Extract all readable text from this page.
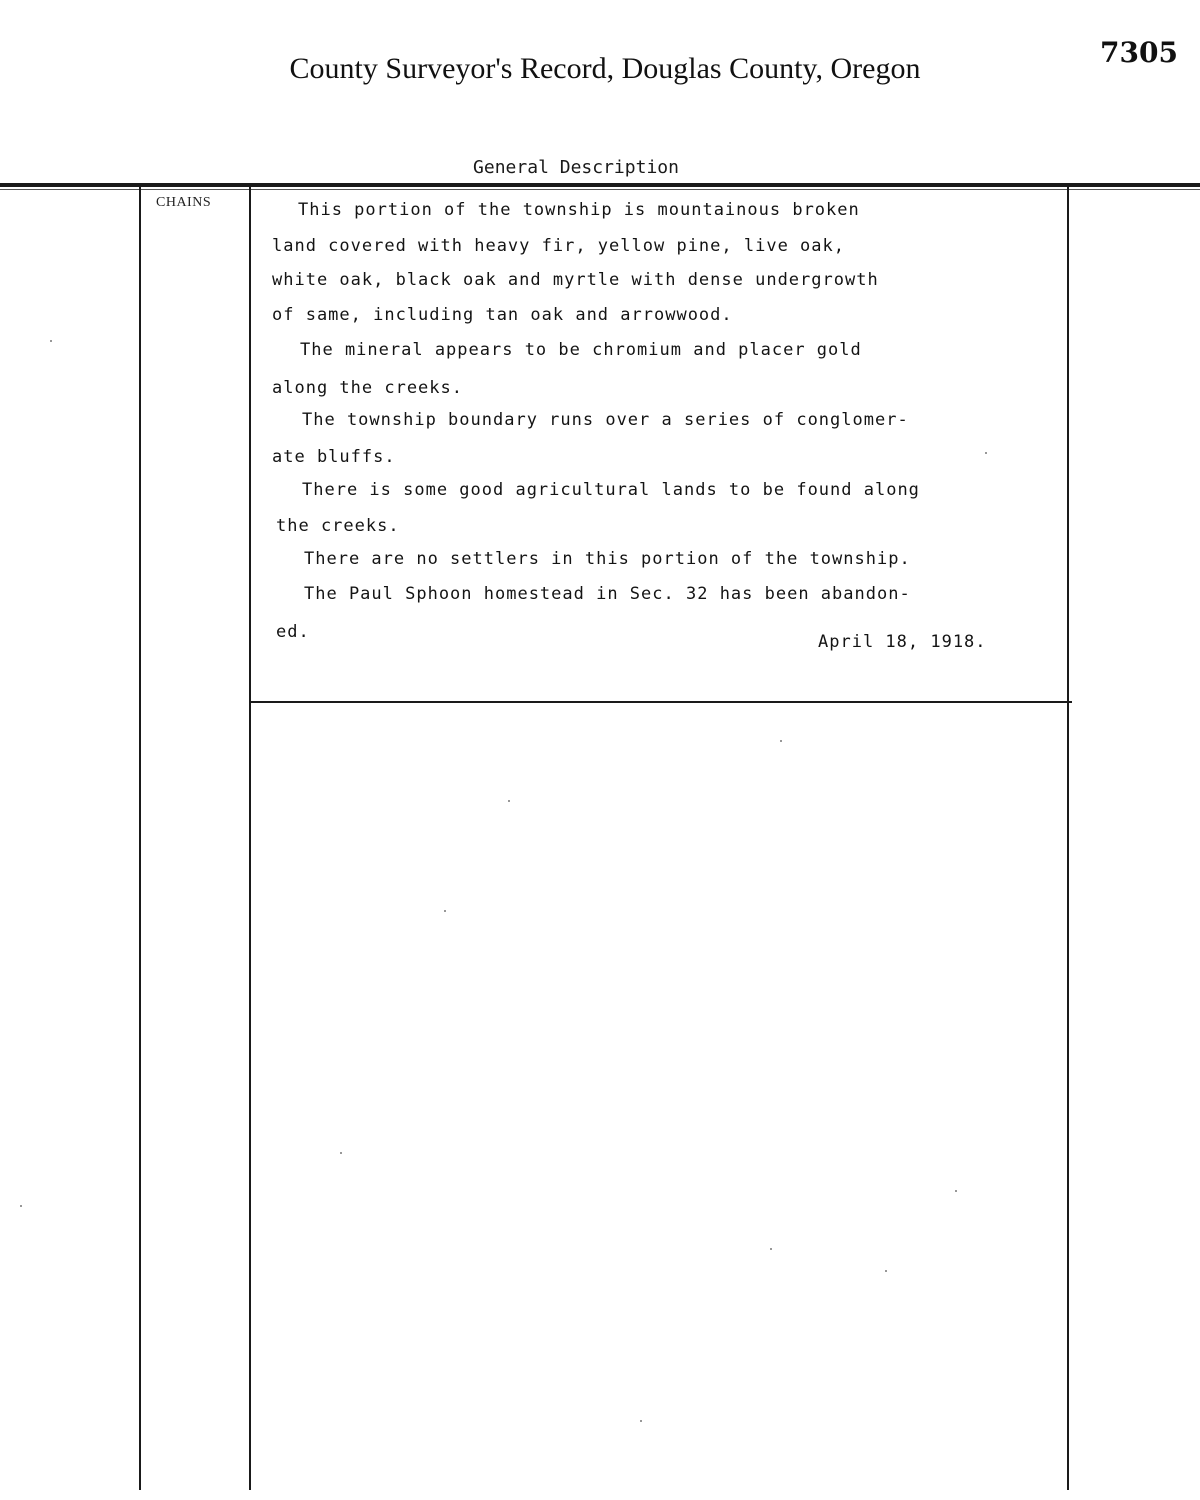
7305
County Surveyor's Record, Douglas County, Oregon
General Description
CHAINS	This portion of the township is mountainous broken
land covered with heavy fir, yellow pine, live oak,
white oak, black oak and myrtle with dense undergrowth
of same, including tan oak and arrowwood.
The mineral appears to be chromium and placer gold
along the creeks.
The township boundary runs over a series of conglomer-
ate bluffs.
There is some good agricultural lands to be found along
the creeks.
There are no settlers in this portion of the township.
The Paul Sphoon homestead in Sec. 32 has been abandon-
ed.	April 18, 1918.
